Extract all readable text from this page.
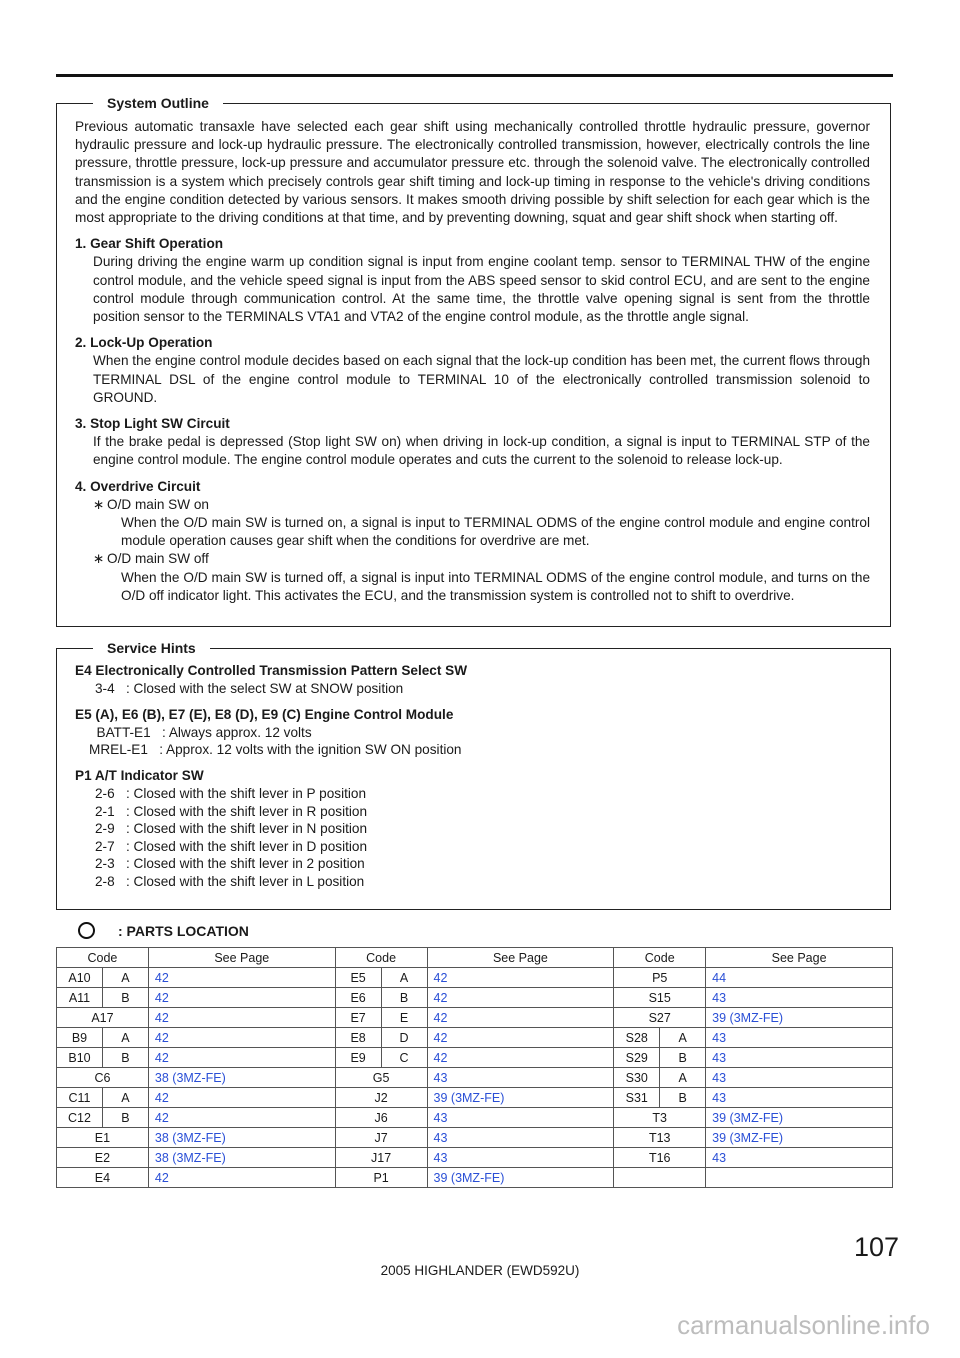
System Outline
Previous automatic transaxle have selected each gear shift using mechanically controlled throttle hydraulic pressure, governor hydraulic pressure and lock-up hydraulic pressure. The electronically controlled transmission, however, electrically controls the line pressure, throttle pressure, lock-up pressure and accumulator pressure etc. through the solenoid valve. The electronically controlled transmission is a system which precisely controls gear shift timing and lock-up timing in response to the vehicle's driving conditions and the engine condition detected by various sensors. It makes smooth driving possible by shift selection for each gear which is the most appropriate to the driving conditions at that time, and by preventing downing, squat and gear shift shock when starting off.
1. Gear Shift Operation
During driving the engine warm up condition signal is input from engine coolant temp. sensor to TERMINAL THW of the engine control module, and the vehicle speed signal is input from the ABS speed sensor to skid control ECU, and are sent to the engine control module through communication control. At the same time, the throttle valve opening signal is sent from the throttle position sensor to the TERMINALS VTA1 and VTA2 of the engine control module, as the throttle angle signal.
2. Lock-Up Operation
When the engine control module decides based on each signal that the lock-up condition has been met, the current flows through TERMINAL DSL of the engine control module to TERMINAL 10 of the electronically controlled transmission solenoid to GROUND.
3. Stop Light SW Circuit
If the brake pedal is depressed (Stop light SW on) when driving in lock-up condition, a signal is input to TERMINAL STP of the engine control module. The engine control module operates and cuts the current to the solenoid to release lock-up.
4. Overdrive Circuit
∗ O/D main SW on
When the O/D main SW is turned on, a signal is input to TERMINAL ODMS of the engine control module and engine control module operation causes gear shift when the conditions for overdrive are met.
∗ O/D main SW off
When the O/D main SW is turned off, a signal is input into TERMINAL ODMS of the engine control module, and turns on the O/D off indicator light. This activates the ECU, and the transmission system is controlled not to shift to overdrive.
Service Hints
E4 Electronically Controlled Transmission Pattern Select SW
3-4   : Closed with the select SW at SNOW position
E5 (A), E6 (B), E7 (E), E8 (D), E9 (C) Engine Control Module
BATT-E1   : Always approx. 12 volts
MREL-E1   : Approx. 12 volts with the ignition SW ON position
P1 A/T Indicator SW
2-6   : Closed with the shift lever in P position
2-1   : Closed with the shift lever in R position
2-9   : Closed with the shift lever in N position
2-7   : Closed with the shift lever in D position
2-3   : Closed with the shift lever in 2 position
2-8   : Closed with the shift lever in L position
: PARTS LOCATION
Code		See Page	Code		See Page	Code		See Page
A10	A	42	E5	A	42	P5		44
A11	B	42	E6	B	42	S15		43
A17		42	E7	E	42	S27		39 (3MZ-FE)
B9	A	42	E8	D	42	S28	A	43
B10	B	42	E9	C	42	S29	B	43
C6		38 (3MZ-FE)	G5		43	S30	A	43
C11	A	42	J2		39 (3MZ-FE)	S31	B	43
C12	B	42	J6		43	T3		39 (3MZ-FE)
E1		38 (3MZ-FE)	J7		43	T13		39 (3MZ-FE)
E2		38 (3MZ-FE)	J17		43	T16		43
E4		42	P1		39 (3MZ-FE)			
107
2005 HIGHLANDER (EWD592U)
carmanualsonline.info
